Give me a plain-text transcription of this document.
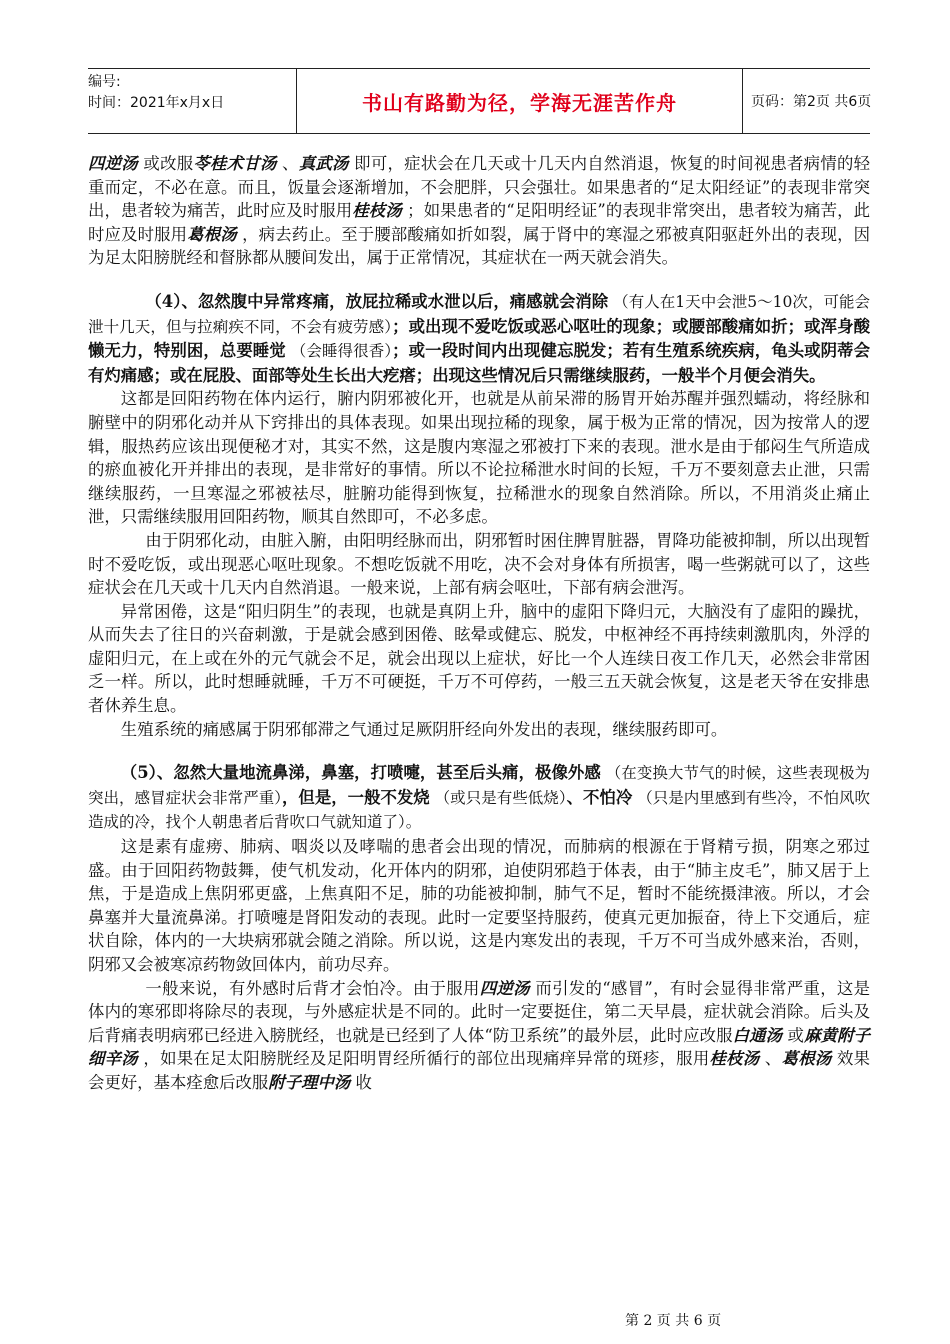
编号:
时间：2021年x月x日	书山有路勤为径，学海无涯苦作舟	页码：第2页 共6页

四逆汤 或改服苓桂术甘汤 、真武汤 即可，症状会在几天或十几天内自然消退，恢复的时间视患者病情的轻重而定，不必在意。而且，饭量会逐渐增加，不会肥胖，只会强壮。如果患者的“足太阳经证”的表现非常突出，患者较为痛苦，此时应及时服用桂枝汤 ；如果患者的“足阳明经证”的表现非常突出，患者较为痛苦，此时应及时服用葛根汤 ，病去药止。至于腰部酸痛如折如裂，属于肾中的寒湿之邪被真阳驱赶外出的表现，因为足太阳膀胱经和督脉都从腰间发出，属于正常情况，其症状在一两天就会消失。

（4）、忽然腹中异常疼痛，放屁拉稀或水泄以后，痛感就会消除 （有人在1天中会泄5～10次，可能会泄十几天，但与拉痢疾不同，不会有疲劳感）；或出现不爱吃饭或恶心呕吐的现象；或腰部酸痛如折；或浑身酸懒无力，特别困，总要睡觉 （会睡得很香）；或一段时间内出现健忘脱发；若有生殖系统疾病，龟头或阴蒂会有灼痛感；或在屁股、面部等处生长出大疙瘩；出现这些情况后只需继续服药，一般半个月便会消失。

这都是回阳药物在体内运行，腑内阴邪被化开，也就是从前呆滞的肠胃开始苏醒并强烈蠕动，将经脉和腑壁中的阴邪化动并从下窍排出的具体表现。如果出现拉稀的现象，属于极为正常的情况，因为按常人的逻辑，服热药应该出现便秘才对，其实不然，这是腹内寒湿之邪被打下来的表现。泄水是由于郁闷生气所造成的瘀血被化开并排出的表现，是非常好的事情。所以不论拉稀泄水时间的长短，千万不要刻意去止泄，只需继续服药，一旦寒湿之邪被祛尽，脏腑功能得到恢复，拉稀泄水的现象自然消除。所以，不用消炎止痛止泄，只需继续服用回阳药物，顺其自然即可，不必多虑。

由于阴邪化动，由脏入腑，由阳明经脉而出，阴邪暂时困住脾胃脏器，胃降功能被抑制，所以出现暂时不爱吃饭，或出现恶心呕吐现象。不想吃饭就不用吃，决不会对身体有所损害，喝一些粥就可以了，这些症状会在几天或十几天内自然消退。一般来说，上部有病会呕吐，下部有病会泄泻。

异常困倦，这是“阳归阴生”的表现，也就是真阴上升，脑中的虚阳下降归元，大脑没有了虚阳的躁扰，从而失去了往日的兴奋刺激，于是就会感到困倦、眩晕或健忘、脱发，中枢神经不再持续刺激肌肉，外浮的虚阳归元，在上或在外的元气就会不足，就会出现以上症状，好比一个人连续日夜工作几天，必然会非常困乏一样。所以，此时想睡就睡，千万不可硬挺，千万不可停药，一般三五天就会恢复，这是老天爷在安排患者休养生息。

生殖系统的痛感属于阴邪郁滞之气通过足厥阴肝经向外发出的表现，继续服药即可。

（5）、忽然大量地流鼻涕，鼻塞，打喷嚏，甚至后头痛，极像外感 （在变换大节气的时候，这些表现极为突出，感冒症状会非常严重），但是，一般不发烧 （或只是有些低烧）、不怕冷 （只是内里感到有些冷，不怕风吹造成的冷，找个人朝患者后背吹口气就知道了）。

这是素有虚痨、肺病、咽炎以及哮喘的患者会出现的情况，而肺病的根源在于肾精亏损，阴寒之邪过盛。由于回阳药物鼓舞，使气机发动，化开体内的阴邪，迫使阴邪趋于体表，由于“肺主皮毛”，肺又居于上焦，于是造成上焦阴邪更盛，上焦真阳不足，肺的功能被抑制，肺气不足，暂时不能统摄津液。所以，才会鼻塞并大量流鼻涕。打喷嚏是肾阳发动的表现。此时一定要坚持服药，使真元更加振奋，待上下交通后，症状自除，体内的一大块病邪就会随之消除。所以说，这是内寒发出的表现，千万不可当成外感来治，否则，阴邪又会被寒凉药物敛回体内，前功尽弃。

一般来说，有外感时后背才会怕冷。由于服用四逆汤 而引发的“感冒”，有时会显得非常严重，这是体内的寒邪即将除尽的表现，与外感症状是不同的。此时一定要挺住，第二天早晨，症状就会消除。后头及后背痛表明病邪已经进入膀胱经，也就是已经到了人体“防卫系统”的最外层，此时应改服白通汤 或麻黄附子细辛汤 ，如果在足太阳膀胱经及足阳明胃经所循行的部位出现痛痒异常的斑疹，服用桂枝汤 、葛根汤 效果会更好，基本痊愈后改服附子理中汤 收

第 2 页 共 6 页
